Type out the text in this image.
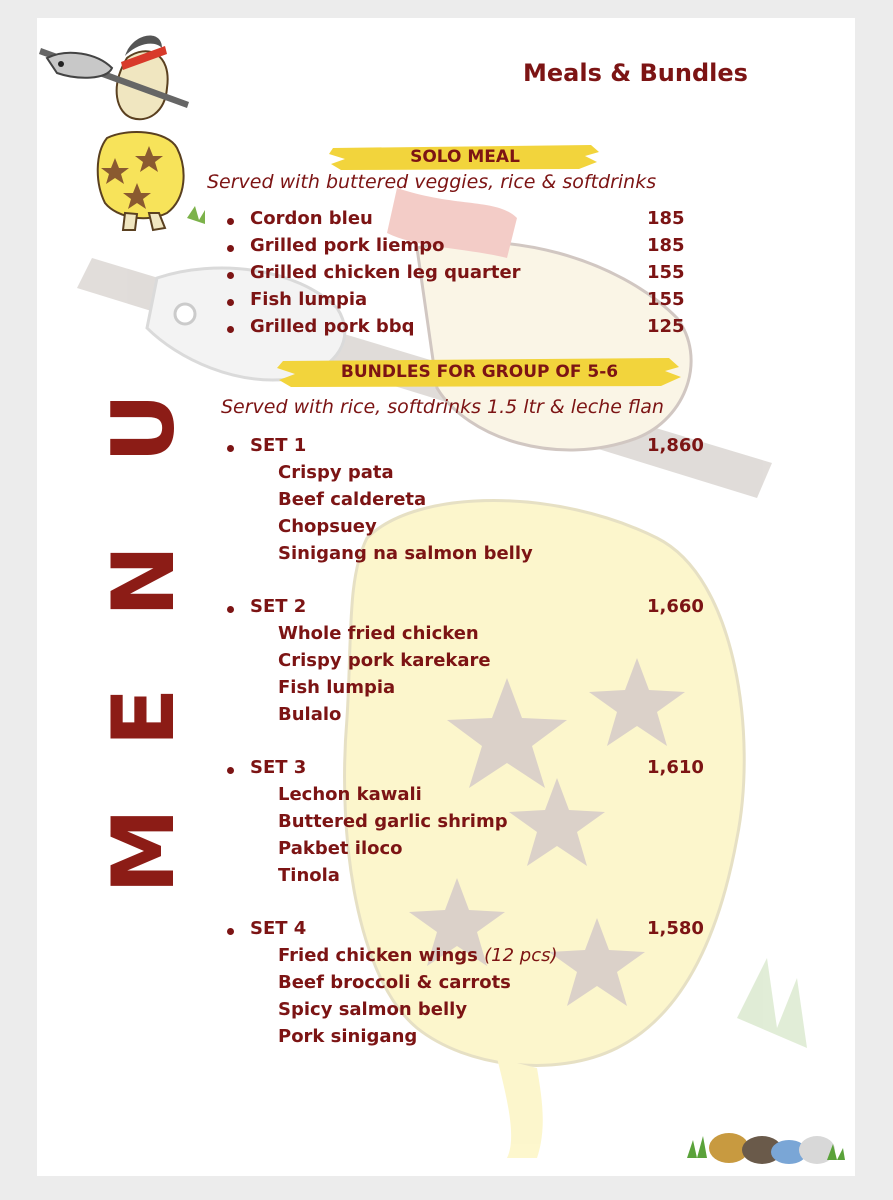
Meals & Bundles
U
N
E
M
SOLO MEAL
Served with buttered veggies, rice & softdrinks
Cordon bleu	185
Grilled pork liempo	185
Grilled chicken leg quarter	155
Fish lumpia	155
Grilled pork bbq	125
BUNDLES FOR GROUP OF 5-6
Served with rice, softdrinks 1.5 ltr & leche flan
SET 1	1,860
Crispy pata
Beef caldereta
Chopsuey
Sinigang na salmon belly
SET 2	1,660
Whole fried chicken
Crispy pork karekare
Fish lumpia
Bulalo
SET 3	1,610
Lechon kawali
Buttered garlic shrimp
Pakbet iloco
Tinola
SET 4	1,580
Fried chicken wings (12 pcs)
Beef broccoli & carrots
Spicy salmon belly
Pork sinigang
